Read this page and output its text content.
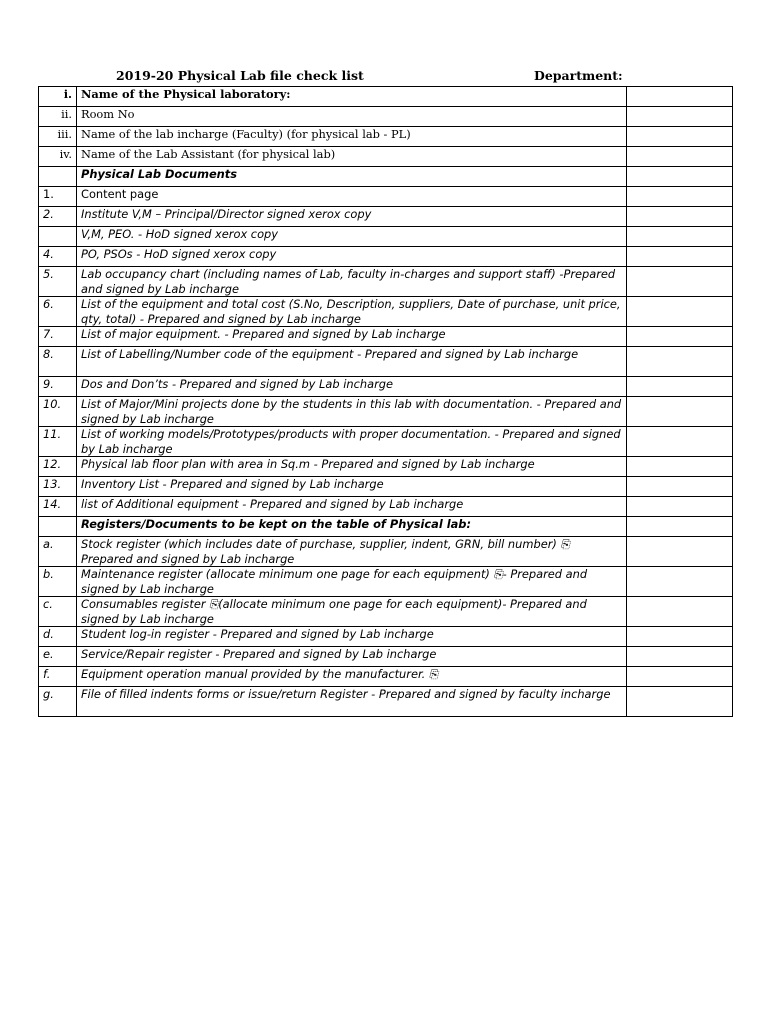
2019-20 Physical Lab file check list	Department:
i.	Name of the Physical laboratory:	
ii.	Room No	
iii.	Name of the lab incharge (Faculty) (for physical lab - PL)	
iv.	Name of the Lab Assistant (for physical lab)	
	Physical Lab Documents	
1.	Content page	
2.	Institute V,M – Principal/Director signed xerox copy	
	V,M, PEO. - HoD signed xerox copy	
4.	PO, PSOs - HoD signed xerox copy	
5.	Lab occupancy chart (including names of Lab, faculty in-charges and support staff) -Prepared and signed by Lab incharge	
6.	List of the equipment and total cost (S.No, Description, suppliers, Date of purchase, unit price, qty, total) - Prepared and signed by Lab incharge	
7.	List of major equipment. - Prepared and signed by Lab incharge	
8.	List of Labelling/Number code of the equipment - Prepared and signed by Lab incharge	
9.	Dos and Don’ts - Prepared and signed by Lab incharge	
10.	List of Major/Mini projects done by the students in this lab with documentation. - Prepared and signed by Lab incharge	
11.	List of working models/Prototypes/products with proper documentation. - Prepared and signed by Lab incharge	
12.	Physical lab floor plan with area in Sq.m - Prepared and signed by Lab incharge	
13.	Inventory List - Prepared and signed by Lab incharge	
14.	list of Additional equipment - Prepared and signed by Lab incharge	
	Registers/Documents to be kept on the table of Physical lab:	
a.	Stock register (which includes date of purchase, supplier, indent, GRN, bill number) ⎘ Prepared and signed by Lab incharge	
b.	Maintenance register (allocate minimum one page for each equipment) ⎘- Prepared and signed by Lab incharge	
c.	Consumables register ⎘(allocate minimum one page for each equipment)- Prepared and signed by Lab incharge	
d.	Student log-in register - Prepared and signed by Lab incharge	
e.	Service/Repair register - Prepared and signed by Lab incharge	
f.	Equipment operation manual provided by the manufacturer. ⎘	
g.	File of filled indents forms or issue/return Register - Prepared and signed by faculty incharge	
